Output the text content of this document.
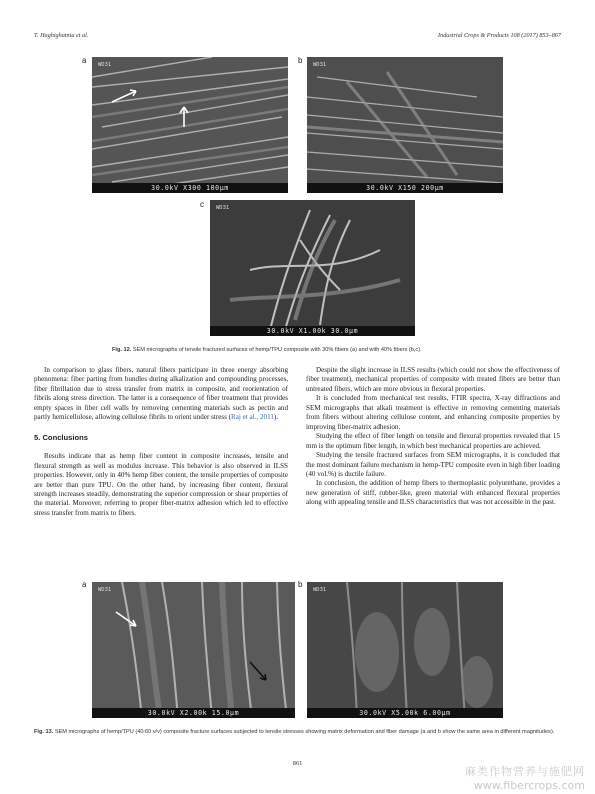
T. Haghighatnia et al.	Industrial Crops & Products 108 (2017) 853–867
a WD31
30.0kV X300 100μm
b WD31
30.0kV X150 200μm
c WD31
30.0kV X1.00k 30.0μm
Fig. 12. SEM micrographs of tensile fractured surfaces of hemp/TPU composite with 30% fibers (a) and with 40% fibers (b,c).

In comparison to glass fibers, natural fibers participate in three energy absorbing phenomena: fiber parting from bundles during alkalization and compounding processes, fiber fibrillation due to stress transfer from matrix in composite, and reorientation of fibrils along stress direction. The latter is a consequence of fiber treatment that provides empty spaces in fiber cell walls by removing cementing materials such as pectin and partly hemicellulose, allowing cellulose fibrils to orient under stress (Raj et al., 2011).

5. Conclusions

Results indicate that as hemp fiber content in composite increases, tensile and flexural strength as well as modulus increase. This behavior is also observed in ILSS properties. However, only in 40% hemp fiber content, the tensile properties of composite are better than pure TPU. On the other hand, by increasing fiber content, flexural strength increases steadily, demonstrating the superior compression or shear properties of the material. Moreover, referring to proper fiber-matrix adhesion which led to effective stress transfer from matrix to fibers.

Despite the slight increase in ILSS results (which could not show the effectiveness of fiber treatment), mechanical properties of composite with treated fibers are better than untreated fibers, which are more obvious in flexural properties.

It is concluded from mechanical test results, FTIR spectra, X-ray diffractions and SEM micrographs that alkali treatment is effective in removing cementing materials from fibers without altering cellulose content, and enhancing composite properties by improving fiber-matrix adhesion.

Studying the effect of fiber length on tensile and flexural properties revealed that 15 mm is the optimum fiber length, in which best mechanical properties are achieved.

Studying the tensile fractured surfaces from SEM micrographs, it is concluded that the most dominant failure mechanism in hemp-TPU composite even in high fiber loading (40 vol.%) is ductile failure.

In conclusion, the addition of hemp fibers to thermoplastic polyurethane, provides a new generation of stiff, rubber-like, green material with enhanced flexural properties along with appealing tensile and ILSS characteristics that was not accessible in the past.

a
WD31
30.0kV X2.00k 15.0μm
b
WD31
30.0kV X5.00k 6.00μm
Fig. 13. SEM micrographs of hemp/TPU (40:60 v/v) composite fracture surfaces subjected to tensile stresses showing matrix deformation and fiber damage (a and b show the same area in different magnitudes).
861
麻类作物营养与施肥网
www.fibercrops.com
